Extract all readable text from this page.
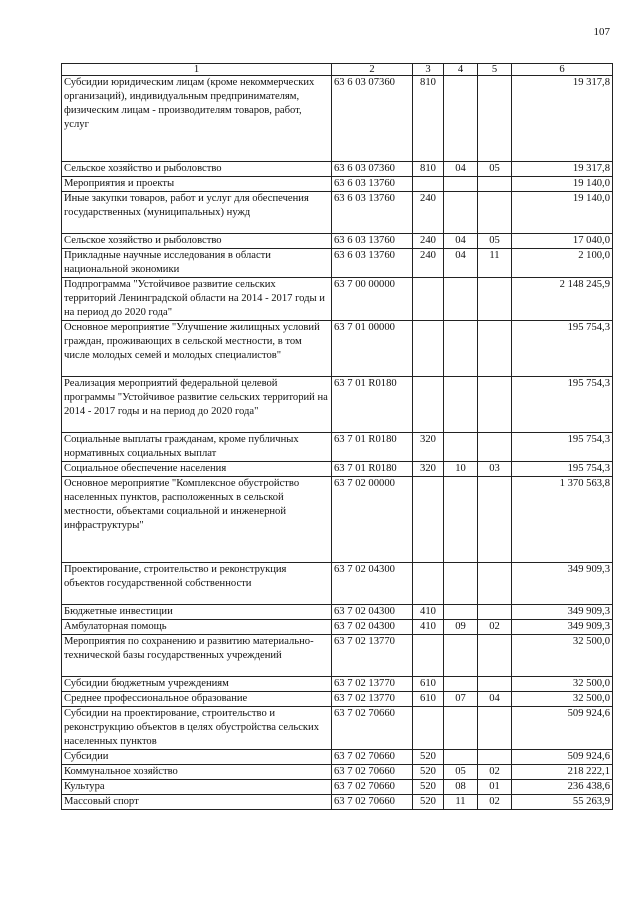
107
1	2	3	4	5	6
Субсидии юридическим лицам (кроме некоммерческих организаций), индивидуальным предпринимателям, физическим лицам - производителям товаров, работ, услуг	63 6 03 07360	810			19 317,8
Сельское хозяйство и рыболовство	63 6 03 07360	810	04	05	19 317,8
Мероприятия и проекты	63 6 03 13760				19 140,0
Иные закупки товаров, работ и услуг для обеспечения государственных (муниципальных) нужд	63 6 03 13760	240			19 140,0
Сельское хозяйство и рыболовство	63 6 03 13760	240	04	05	17 040,0
Прикладные научные исследования в области национальной экономики	63 6 03 13760	240	04	11	2 100,0
Подпрограмма "Устойчивое развитие сельских территорий Ленинградской области на 2014 - 2017 годы и на период до 2020 года"	63 7 00 00000				2 148 245,9
Основное мероприятие "Улучшение жилищных условий граждан, проживающих в сельской местности, в том числе молодых семей и молодых специалистов"	63 7 01 00000				195 754,3
Реализация мероприятий федеральной целевой программы "Устойчивое развитие сельских территорий на 2014 - 2017 годы и на период до 2020 года"	63 7 01 R0180				195 754,3
Социальные выплаты гражданам, кроме публичных нормативных социальных выплат	63 7 01 R0180	320			195 754,3
Социальное обеспечение населения	63 7 01 R0180	320	10	03	195 754,3
Основное мероприятие "Комплексное обустройство населенных пунктов, расположенных в сельской местности, объектами социальной и инженерной инфраструктуры"	63 7 02 00000				1 370 563,8
Проектирование, строительство и реконструкция объектов государственной собственности	63 7 02 04300				349 909,3
Бюджетные инвестиции	63 7 02 04300	410			349 909,3
Амбулаторная помощь	63 7 02 04300	410	09	02	349 909,3
Мероприятия по сохранению и развитию материально-технической базы государственных учреждений	63 7 02 13770				32 500,0
Субсидии бюджетным учреждениям	63 7 02 13770	610			32 500,0
Среднее профессиональное образование	63 7 02 13770	610	07	04	32 500,0
Субсидии на проектирование, строительство и реконструкцию объектов в целях обустройства сельских населенных пунктов	63 7 02 70660				509 924,6
Субсидии	63 7 02 70660	520			509 924,6
Коммунальное хозяйство	63 7 02 70660	520	05	02	218 222,1
Культура	63 7 02 70660	520	08	01	236 438,6
Массовый спорт	63 7 02 70660	520	11	02	55 263,9
